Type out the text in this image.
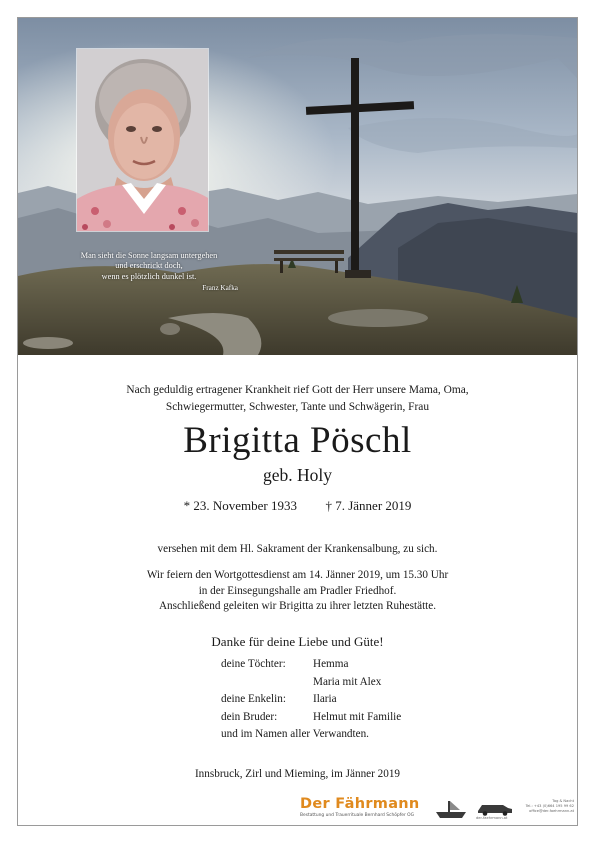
Man sieht die Sonne langsam untergehen
und erschrickt doch,
wenn es plötzlich dunkel ist.
Franz Kafka
Nach geduldig ertragener Krankheit rief Gott der Herr unsere Mama, Oma,
Schwiegermutter, Schwester, Tante und Schwägerin, Frau
Brigitta Pöschl
geb. Holy
* 23. November 1933 † 7. Jänner 2019
versehen mit dem Hl. Sakrament der Krankensalbung, zu sich.
Wir feiern den Wortgottesdienst am 14. Jänner 2019, um 15.30 Uhr
in der Einsegungshalle am Pradler Friedhof.
Anschließend geleiten wir Brigitta zu ihrer letzten Ruhestätte.
Danke für deine Liebe und Güte!
deine Töchter:	Hemma
Maria mit Alex
deine Enkelin:	Ilaria
dein Bruder:	Helmut mit Familie
und im Namen aller Verwandten.
Innsbruck, Zirl und Mieming, im Jänner 2019
Der Fährmann
Bestattung und Trauerrituale Bernhard Schöpfer OG	der-faehrmann.at
Tag & Nacht
Tel.: +43 (0)664 195 99 62
office@der-faehrmann.at
